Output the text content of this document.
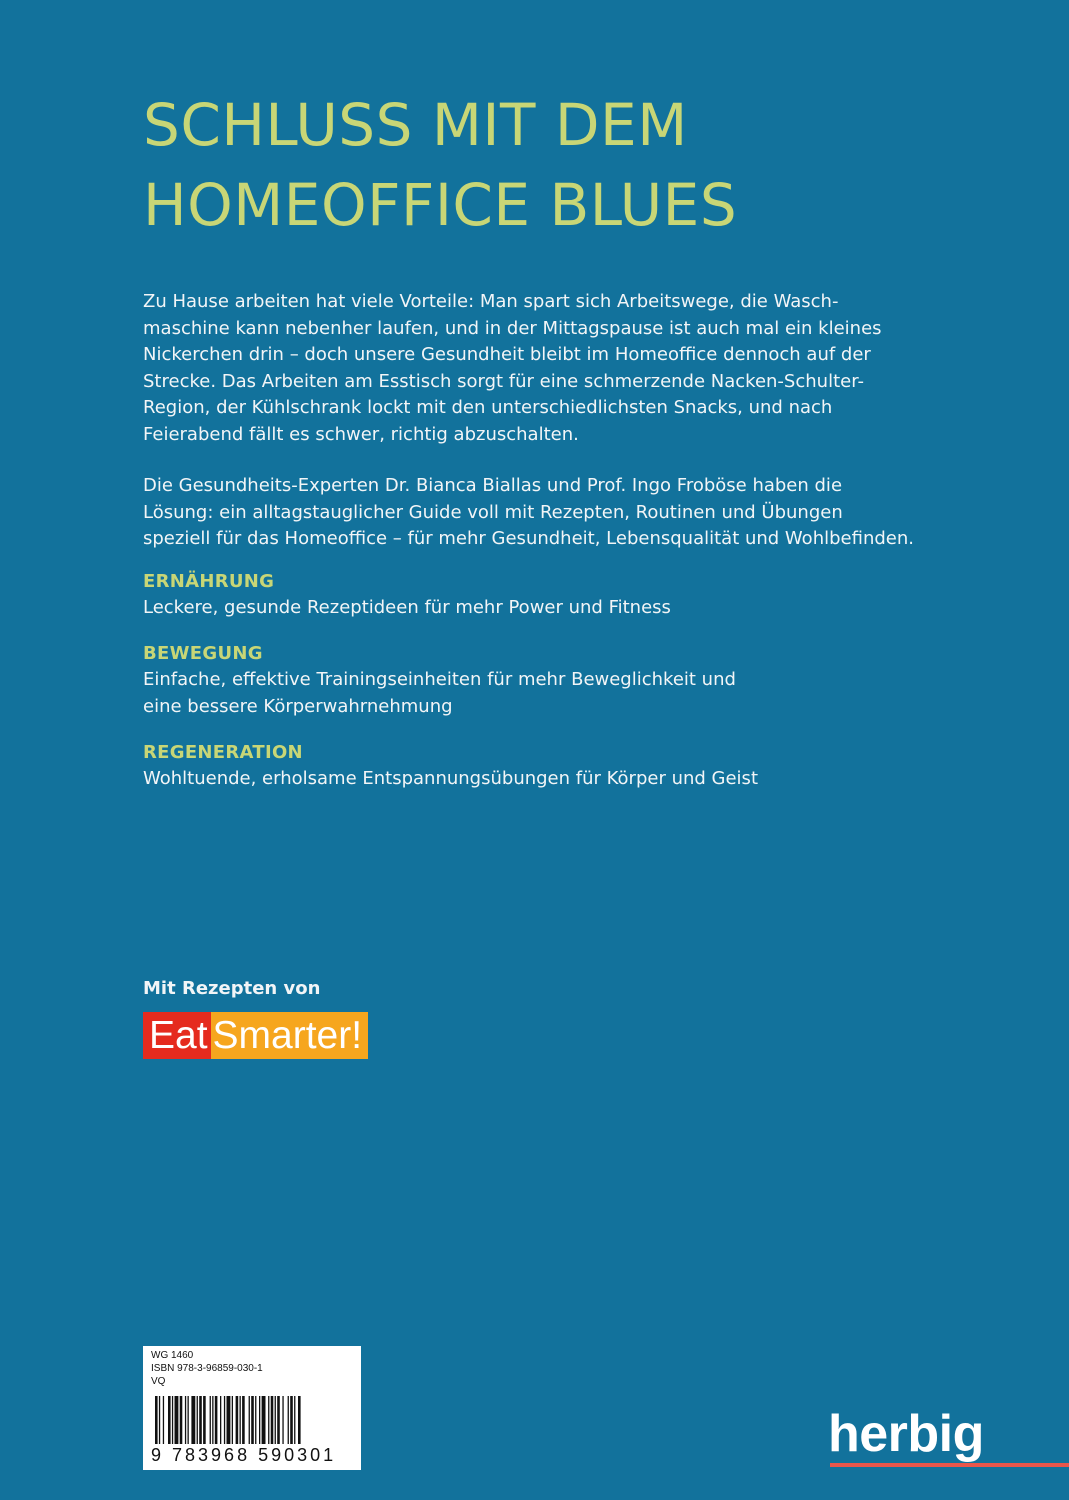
SCHLUSS MIT DEM
HOMEOFFICE BLUES
Zu Hause arbeiten hat viele Vorteile: Man spart sich Arbeitswege, die Wasch-
maschine kann nebenher laufen, und in der Mittagspause ist auch mal ein kleines
Nickerchen drin – doch unsere Gesundheit bleibt im Homeoffice dennoch auf der
Strecke. Das Arbeiten am Esstisch sorgt für eine schmerzende Nacken-Schulter-
Region, der Kühlschrank lockt mit den unterschiedlichsten Snacks, und nach
Feierabend fällt es schwer, richtig abzuschalten.
Die Gesundheits-Experten Dr. Bianca Biallas und Prof. Ingo Froböse haben die
Lösung: ein alltagstauglicher Guide voll mit Rezepten, Routinen und Übungen
speziell für das Homeoffice – für mehr Gesundheit, Lebensqualität und Wohlbefinden.
ERNÄHRUNG
Leckere, gesunde Rezeptideen für mehr Power und Fitness
BEWEGUNG
Einfache, effektive Trainingseinheiten für mehr Beweglichkeit und
eine bessere Körperwahrnehmung
REGENERATION
Wohltuende, erholsame Entspannungsübungen für Körper und Geist
Mit Rezepten von
Eat Smarter!
WG 1460
ISBN 978-3-96859-030-1
VQ
9 783968 590301	herbig
